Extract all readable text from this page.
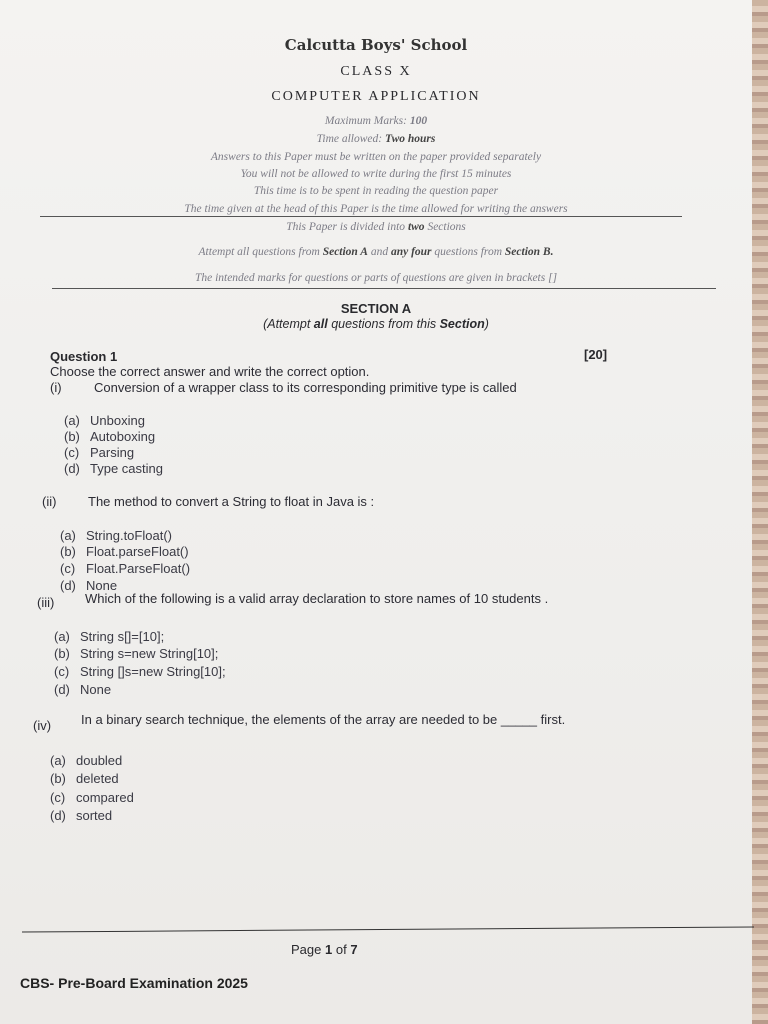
Calcutta Boys' School
CLASS X
COMPUTER APPLICATION
Maximum Marks: 100
Time allowed: Two hours
Answers to this Paper must be written on the paper provided separately
You will not be allowed to write during the first 15 minutes
This time is to be spent in reading the question paper
The time given at the head of this Paper is the time allowed for writing the answers
This Paper is divided into two Sections
Attempt all questions from Section A and any four questions from Section B.
The intended marks for questions or parts of questions are given in brackets []
SECTION A
(Attempt all questions from this Section)
Question 1	[20]
Choose the correct answer and write the correct option.
(i) Conversion of a wrapper class to its corresponding primitive type is called
(a) Unboxing
(b) Autoboxing
(c) Parsing
(d) Type casting
(ii) The method to convert a String to float in Java is :
(a) String.toFloat()
(b) Float.parseFloat()
(c) Float.ParseFloat()
(d) None
(iii) Which of the following is a valid array declaration to store names of 10 students .
(a) String s[]=[10];
(b) String s=new String[10];
(c) String []s=new String[10];
(d) None
(iv) In a binary search technique, the elements of the array are needed to be _____ first.
(a) doubled
(b) deleted
(c) compared
(d) sorted
Page 1 of 7
CBS- Pre-Board Examination 2025
